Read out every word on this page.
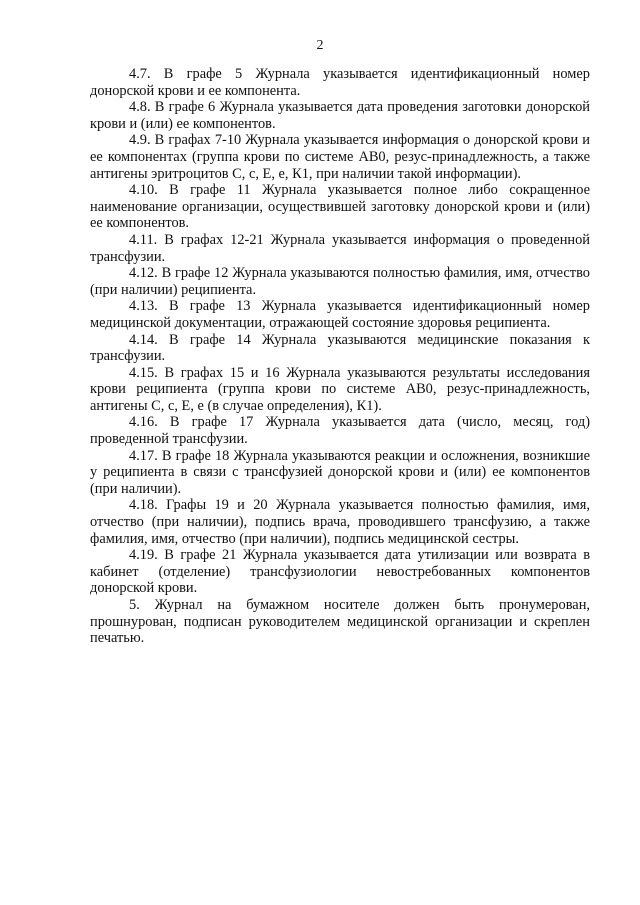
2

4.7. В графе 5 Журнала указывается идентификационный номер донорской крови и ее компонента.

4.8. В графе 6 Журнала указывается дата проведения заготовки донорской крови и (или) ее компонентов.

4.9. В графах 7-10 Журнала указывается информация о донорской крови и ее компонентах (группа крови по системе АВ0, резус-принадлежность, а также антигены эритроцитов С, с, Е, е, К1, при наличии такой информации).

4.10. В графе 11 Журнала указывается полное либо сокращенное наименование организации, осуществившей заготовку донорской крови и (или) ее компонентов.

4.11. В графах 12-21 Журнала указывается информация о проведенной трансфузии.

4.12. В графе 12 Журнала указываются полностью фамилия, имя, отчество (при наличии) реципиента.

4.13. В графе 13 Журнала указывается идентификационный номер медицинской документации, отражающей состояние здоровья реципиента.

4.14. В графе 14 Журнала указываются медицинские показания к трансфузии.

4.15. В графах 15 и 16 Журнала указываются результаты исследования крови реципиента (группа крови по системе АВ0, резус-принадлежность, антигены С, с, Е, е (в случае определения), К1).

4.16. В графе 17 Журнала указывается дата (число, месяц, год) проведенной трансфузии.

4.17. В графе 18 Журнала указываются реакции и осложнения, возникшие у реципиента в связи с трансфузией донорской крови и (или) ее компонентов (при наличии).

4.18. Графы 19 и 20 Журнала указывается полностью фамилия, имя, отчество (при наличии), подпись врача, проводившего трансфузию, а также фамилия, имя, отчество (при наличии), подпись медицинской сестры.

4.19. В графе 21 Журнала указывается дата утилизации или возврата в кабинет (отделение) трансфузиологии невостребованных компонентов донорской крови.

5. Журнал на бумажном носителе должен быть пронумерован, прошнурован, подписан руководителем медицинской организации и скреплен печатью.
